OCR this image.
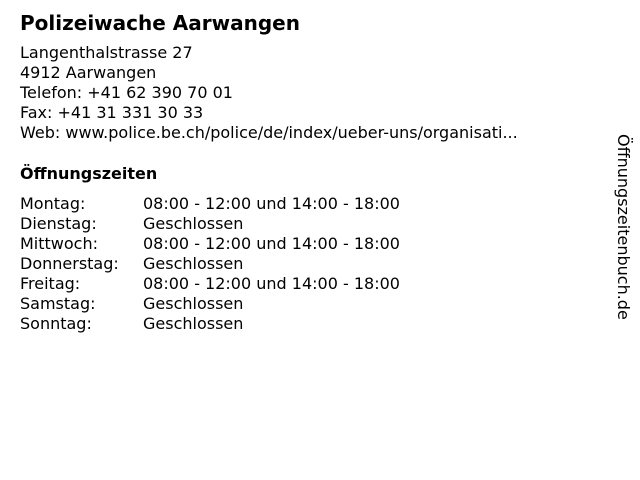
Polizeiwache Aarwangen
Langenthalstrasse 27
4912 Aarwangen
Telefon: +41 62 390 70 01
Fax: +41 31 331 30 33
Web: www.police.be.ch/police/de/index/ueber-uns/organisati...
Öffnungszeiten
Montag:	08:00 - 12:00 und 14:00 - 18:00
Dienstag:	Geschlossen
Mittwoch:	08:00 - 12:00 und 14:00 - 18:00
Donnerstag:	Geschlossen
Freitag:	08:00 - 12:00 und 14:00 - 18:00
Samstag:	Geschlossen
Sonntag:	Geschlossen
Öffnungszeitenbuch.de
